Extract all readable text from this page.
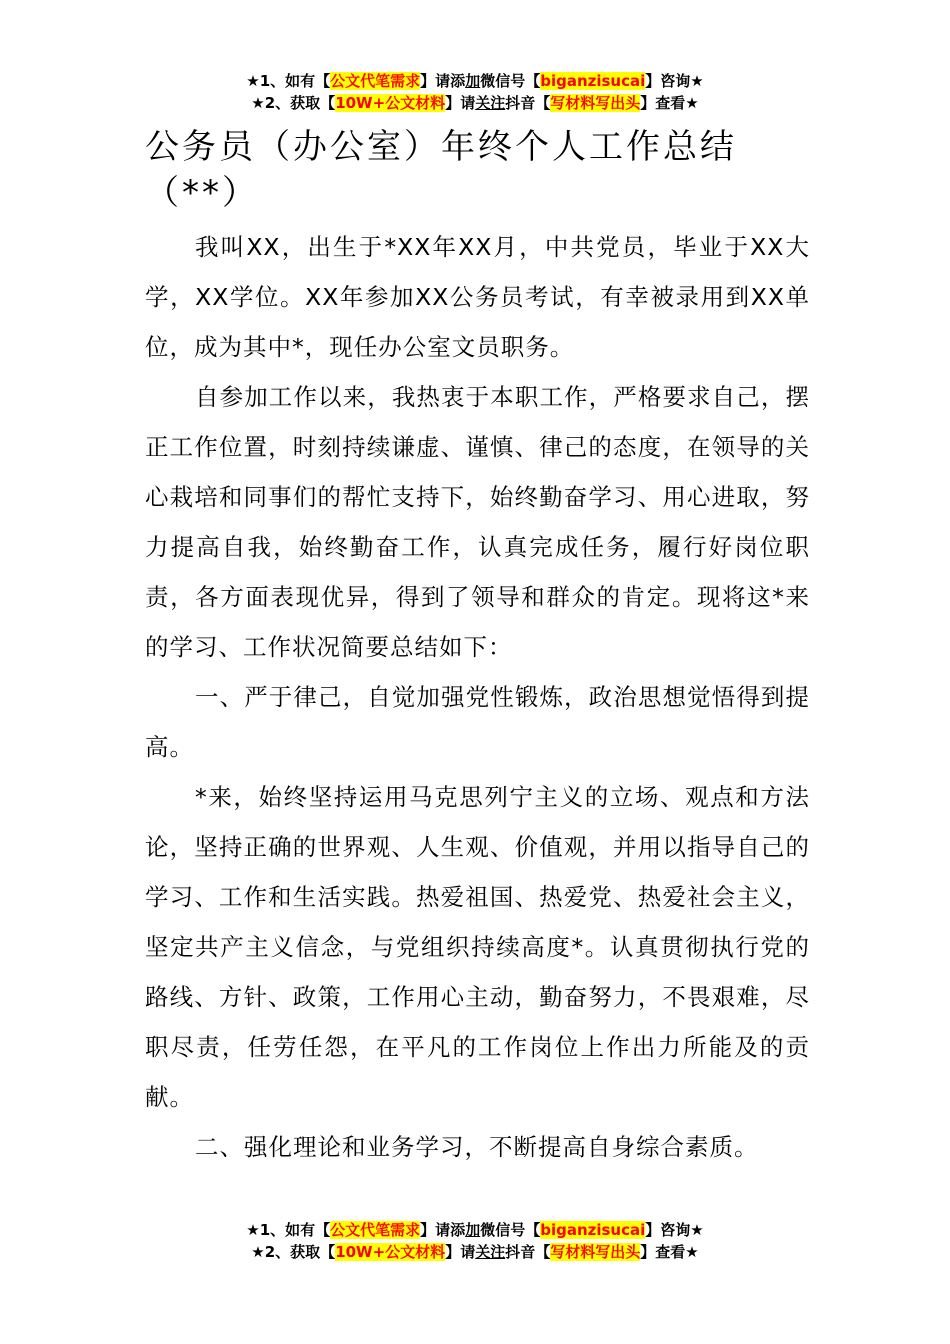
★1、如有【公文代笔需求】请添加微信号【biganzisucai】咨询★
★2、获取【10W+公文材料】请关注抖音【写材料写出头】查看★
公务员（办公室）年终个人工作总结（**）

我叫XX，出生于*XX年XX月，中共党员，毕业于XX大学，XX学位。XX年参加XX公务员考试，有幸被录用到XX单位，成为其中*，现任办公室文员职务。

自参加工作以来，我热衷于本职工作，严格要求自己，摆正工作位置，时刻持续谦虚、谨慎、律己的态度，在领导的关心栽培和同事们的帮忙支持下，始终勤奋学习、用心进取，努力提高自我，始终勤奋工作，认真完成任务，履行好岗位职责，各方面表现优异，得到了领导和群众的肯定。现将这*来的学习、工作状况简要总结如下：

一、严于律己，自觉加强党性锻炼，政治思想觉悟得到提高。

*来，始终坚持运用马克思列宁主义的立场、观点和方法论，坚持正确的世界观、人生观、价值观，并用以指导自己的学习、工作和生活实践。热爱祖国、热爱党、热爱社会主义，坚定共产主义信念，与党组织持续高度*。认真贯彻执行党的路线、方针、政策，工作用心主动，勤奋努力，不畏艰难，尽职尽责，任劳任怨，在平凡的工作岗位上作出力所能及的贡献。

二、强化理论和业务学习，不断提高自身综合素质。

★1、如有【公文代笔需求】请添加微信号【biganzisucai】咨询★
★2、获取【10W+公文材料】请关注抖音【写材料写出头】查看★
